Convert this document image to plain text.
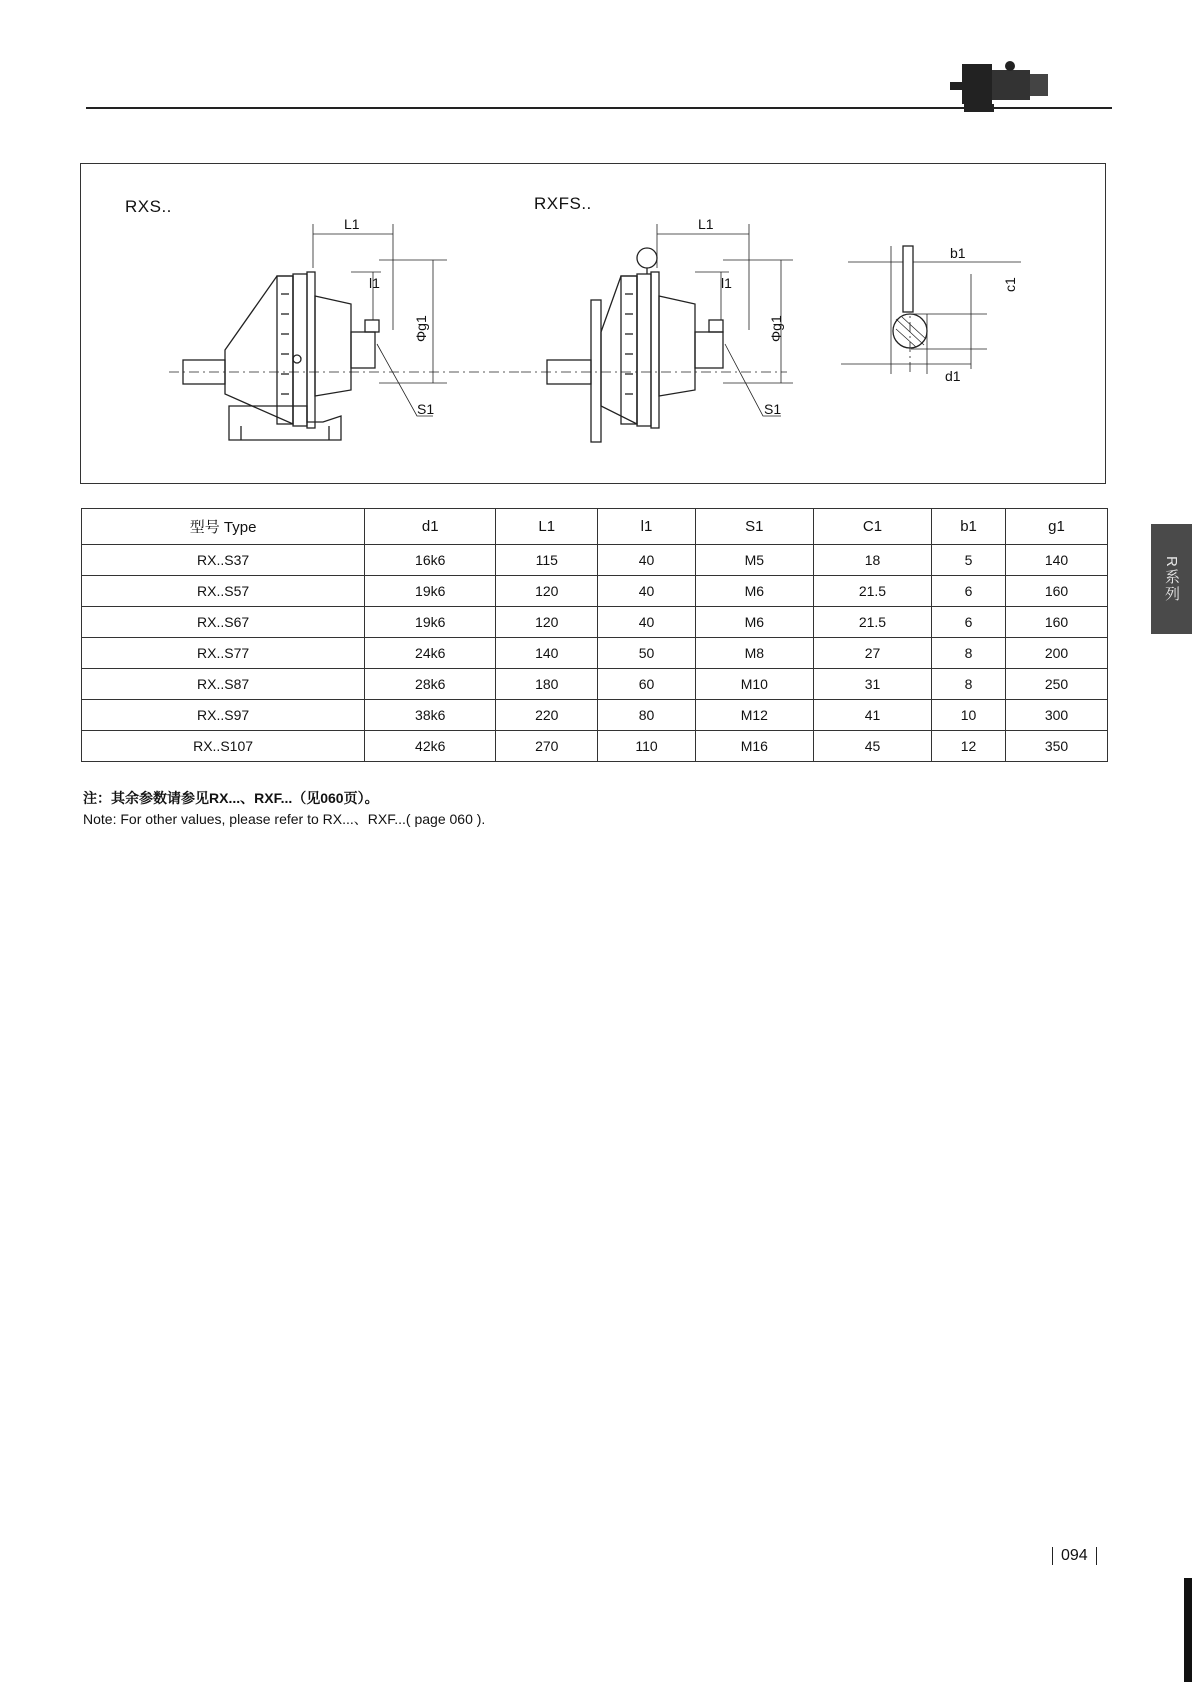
R系列
RXS..	RXFS..
L1
l1
Φg1
S1
L1
l1
Φg1
S1
b1
c1
d1
型号 Type	d1	L1	l1	S1	C1	b1	g1
RX..S37	16k6	115	40	M5	18	5	140
RX..S57	19k6	120	40	M6	21.5	6	160
RX..S67	19k6	120	40	M6	21.5	6	160
RX..S77	24k6	140	50	M8	27	8	200
RX..S87	28k6	180	60	M10	31	8	250
RX..S97	38k6	220	80	M12	41	10	300
RX..S107	42k6	270	110	M16	45	12	350
注：其余参数请参见RX...、RXF...（见060页）。
Note: For other values, please refer to RX...、RXF...( page 060 ).
094
